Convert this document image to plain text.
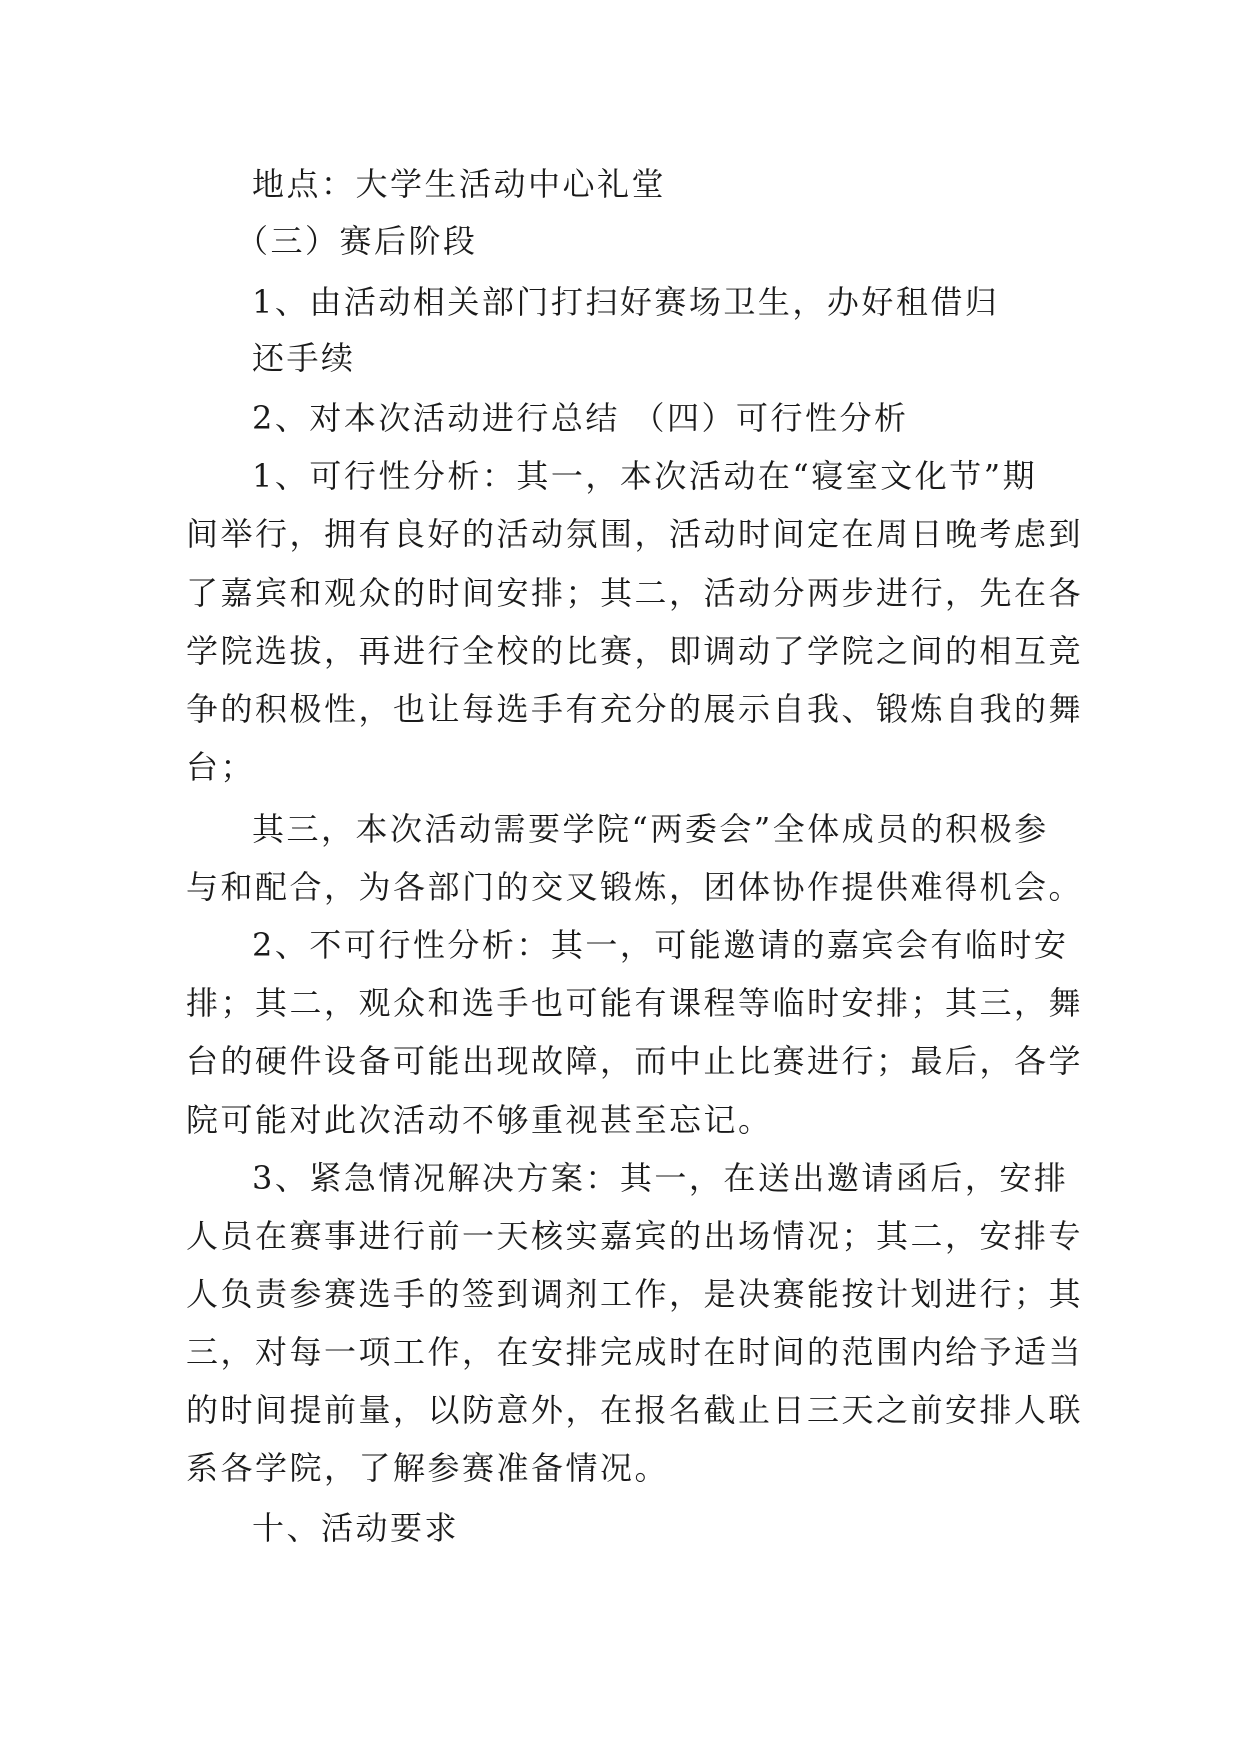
地点：大学生活动中心礼堂
（三）赛后阶段
1、由活动相关部门打扫好赛场卫生，办好租借归
还手续
2、对本次活动进行总结 （四）可行性分析
1、可行性分析：其一，本次活动在“寝室文化节”期
间举行，拥有良好的活动氛围，活动时间定在周日晚考虑到
了嘉宾和观众的时间安排；其二，活动分两步进行，先在各
学院选拔，再进行全校的比赛，即调动了学院之间的相互竞
争的积极性，也让每选手有充分的展示自我、锻炼自我的舞
台；
其三，本次活动需要学院“两委会”全体成员的积极参
与和配合，为各部门的交叉锻炼，团体协作提供难得机会。
2、不可行性分析：其一，可能邀请的嘉宾会有临时安
排；其二，观众和选手也可能有课程等临时安排；其三，舞
台的硬件设备可能出现故障，而中止比赛进行；最后，各学
院可能对此次活动不够重视甚至忘记。
3、紧急情况解决方案：其一，在送出邀请函后，安排
人员在赛事进行前一天核实嘉宾的出场情况；其二，安排专
人负责参赛选手的签到调剂工作，是决赛能按计划进行；其
三，对每一项工作，在安排完成时在时间的范围内给予适当
的时间提前量，以防意外，在报名截止日三天之前安排人联
系各学院，了解参赛准备情况。
十、活动要求
